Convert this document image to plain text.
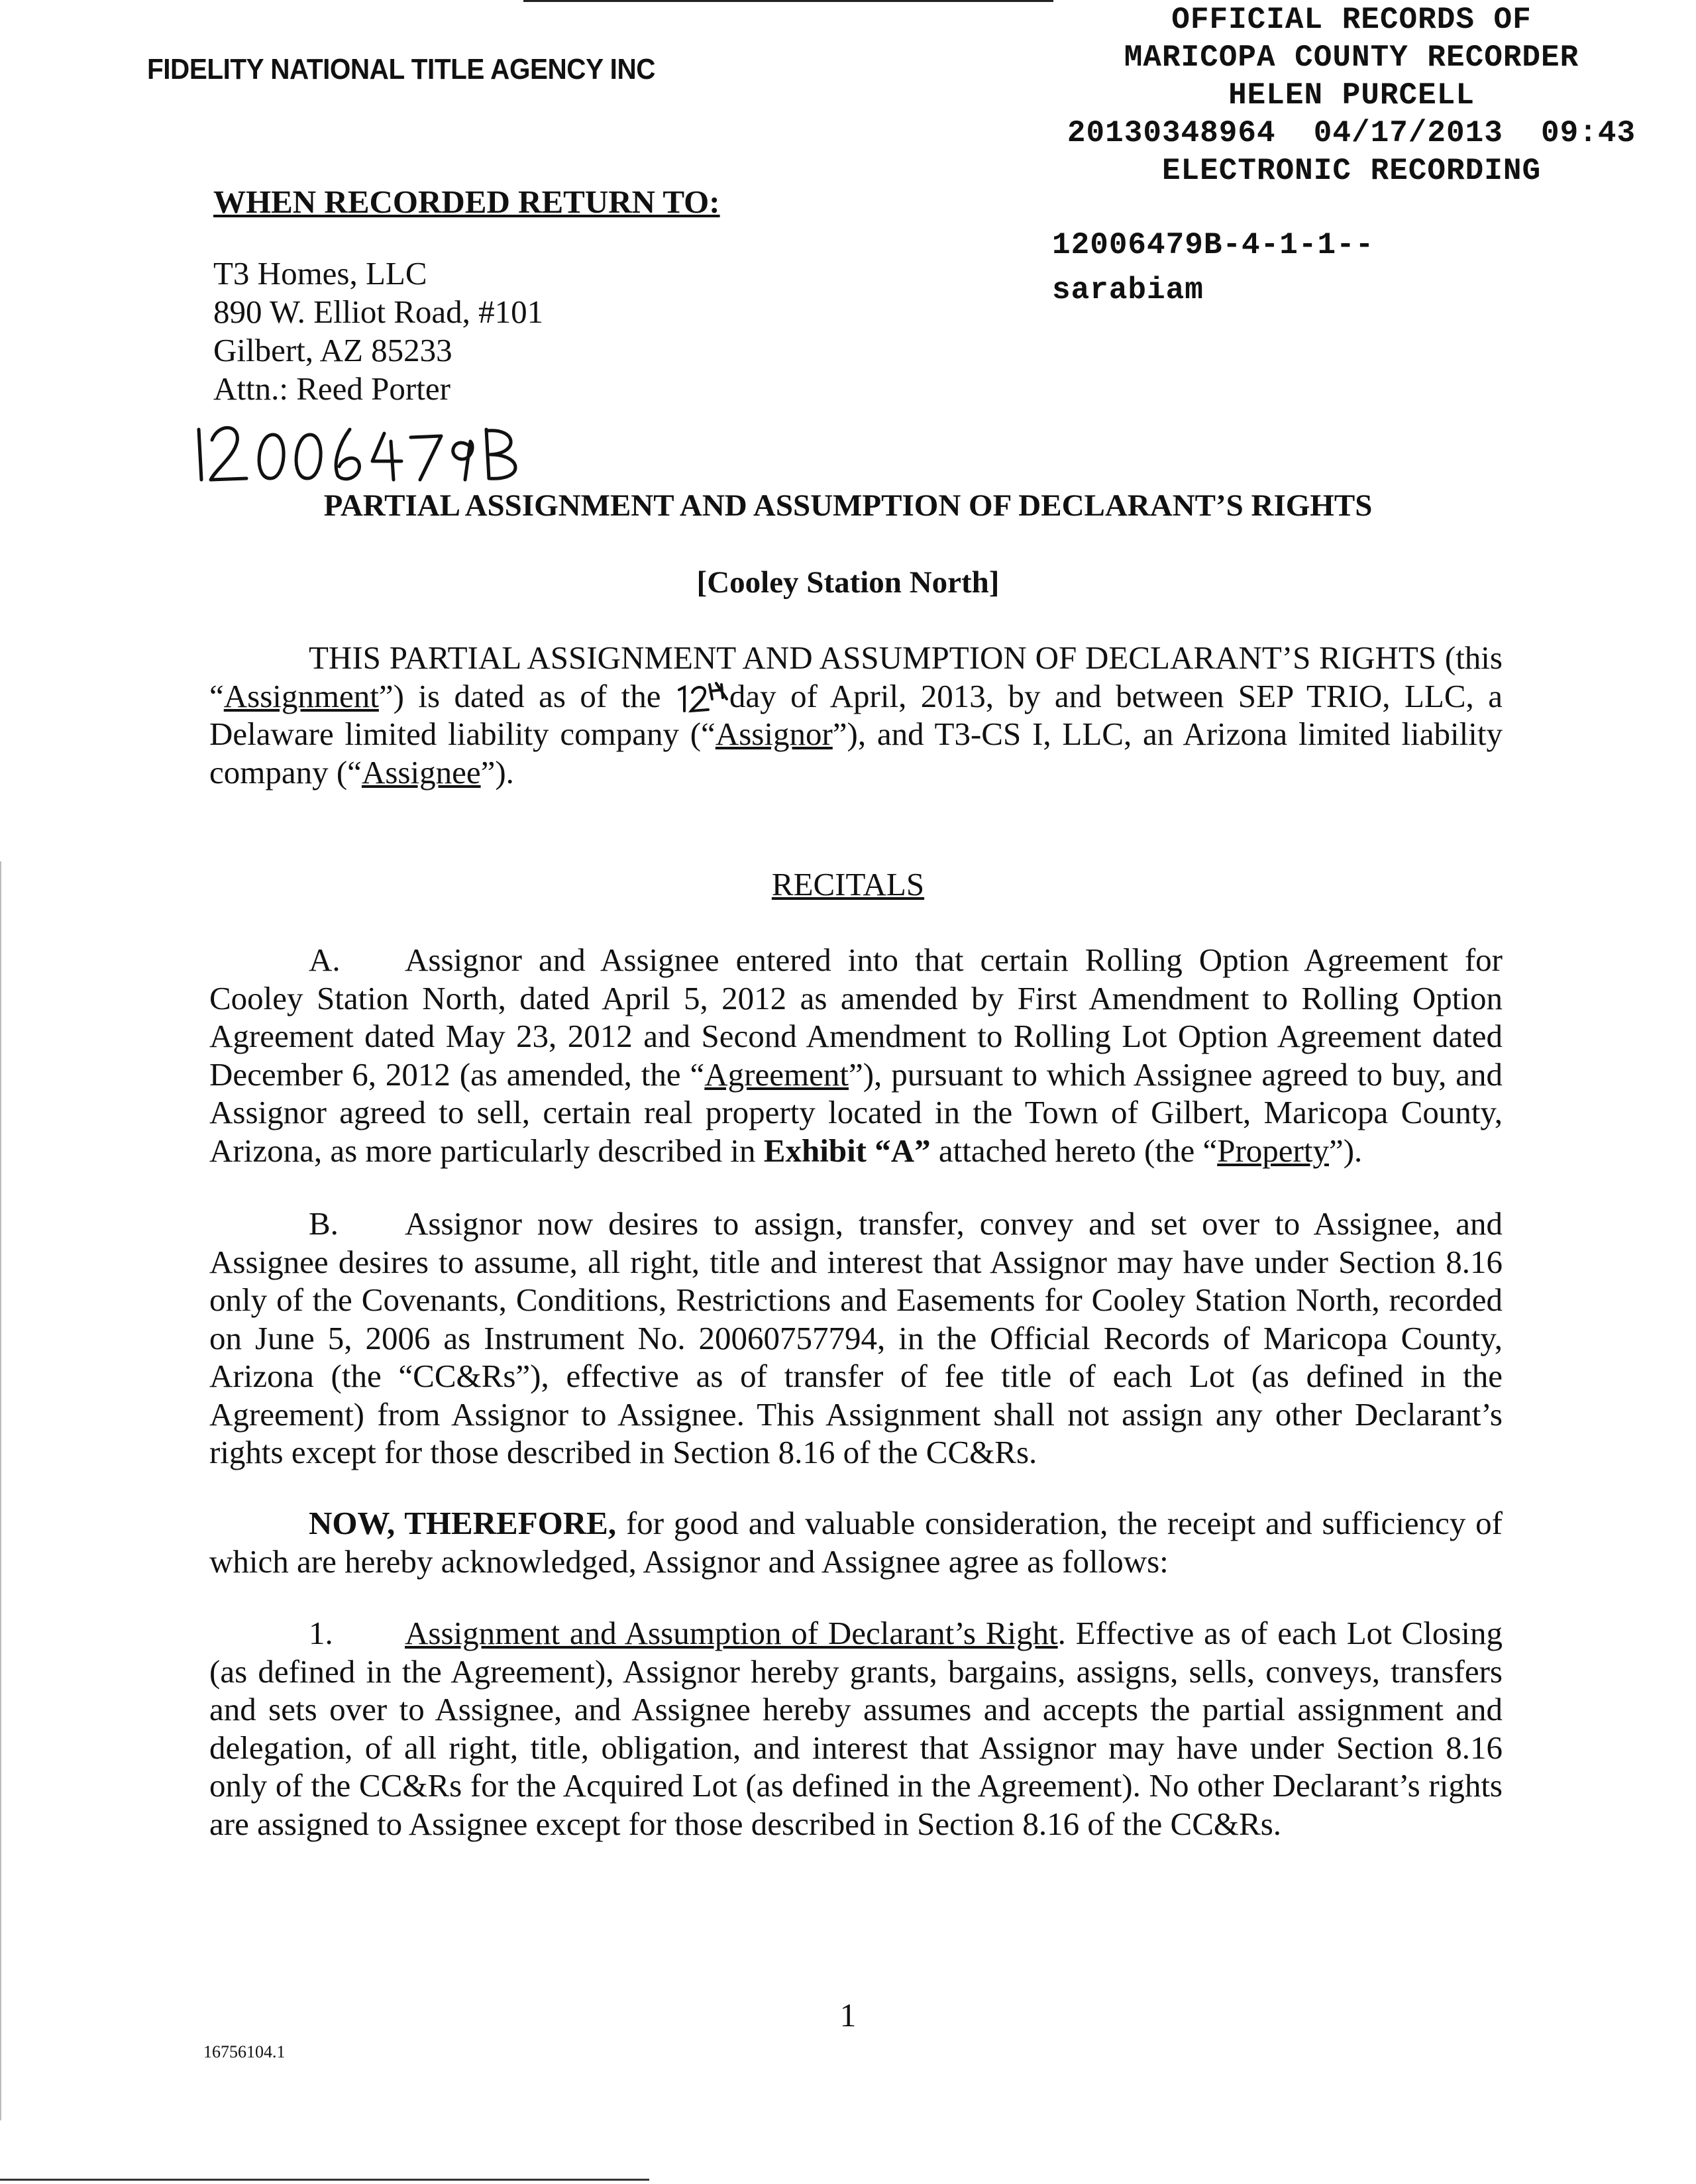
FIDELITY NATIONAL TITLE AGENCY INC
OFFICIAL RECORDS OF
MARICOPA COUNTY RECORDER
HELEN PURCELL
20130348964  04/17/2013  09:43
ELECTRONIC RECORDING
12006479B-4-1-1--
sarabiam
WHEN RECORDED RETURN TO:
T3 Homes, LLC
890 W. Elliot Road, #101
Gilbert, AZ 85233
Attn.: Reed Porter
PARTIAL ASSIGNMENT AND ASSUMPTION OF DECLARANT’S RIGHTS
[Cooley Station North]
THIS PARTIAL ASSIGNMENT AND ASSUMPTION OF DECLARANT’S RIGHTS (this “Assignment”) is dated as of the day of April, 2013, by and between SEP TRIO, LLC, a Delaware limited liability company (“Assignor”), and T3-CS I, LLC, an Arizona limited liability company (“Assignee”).
RECITALS
A. Assignor and Assignee entered into that certain Rolling Option Agreement for Cooley Station North, dated April 5, 2012 as amended by First Amendment to Rolling Option Agreement dated May 23, 2012 and Second Amendment to Rolling Lot Option Agreement dated December 6, 2012 (as amended, the “Agreement”), pursuant to which Assignee agreed to buy, and Assignor agreed to sell, certain real property located in the Town of Gilbert, Maricopa County, Arizona, as more particularly described in Exhibit “A” attached hereto (the “Property”).
B. Assignor now desires to assign, transfer, convey and set over to Assignee, and Assignee desires to assume, all right, title and interest that Assignor may have under Section 8.16 only of the Covenants, Conditions, Restrictions and Easements for Cooley Station North, recorded on June 5, 2006 as Instrument No. 20060757794, in the Official Records of Maricopa County, Arizona (the “CC&Rs”), effective as of transfer of fee title of each Lot (as defined in the Agreement) from Assignor to Assignee. This Assignment shall not assign any other Declarant’s rights except for those described in Section 8.16 of the CC&Rs.
NOW, THEREFORE, for good and valuable consideration, the receipt and sufficiency of which are hereby acknowledged, Assignor and Assignee agree as follows:
1. Assignment and Assumption of Declarant’s Right. Effective as of each Lot Closing (as defined in the Agreement), Assignor hereby grants, bargains, assigns, sells, conveys, transfers and sets over to Assignee, and Assignee hereby assumes and accepts the partial assignment and delegation, of all right, title, obligation, and interest that Assignor may have under Section 8.16 only of the CC&Rs for the Acquired Lot (as defined in the Agreement). No other Declarant’s rights are assigned to Assignee except for those described in Section 8.16 of the CC&Rs.
1
16756104.1
